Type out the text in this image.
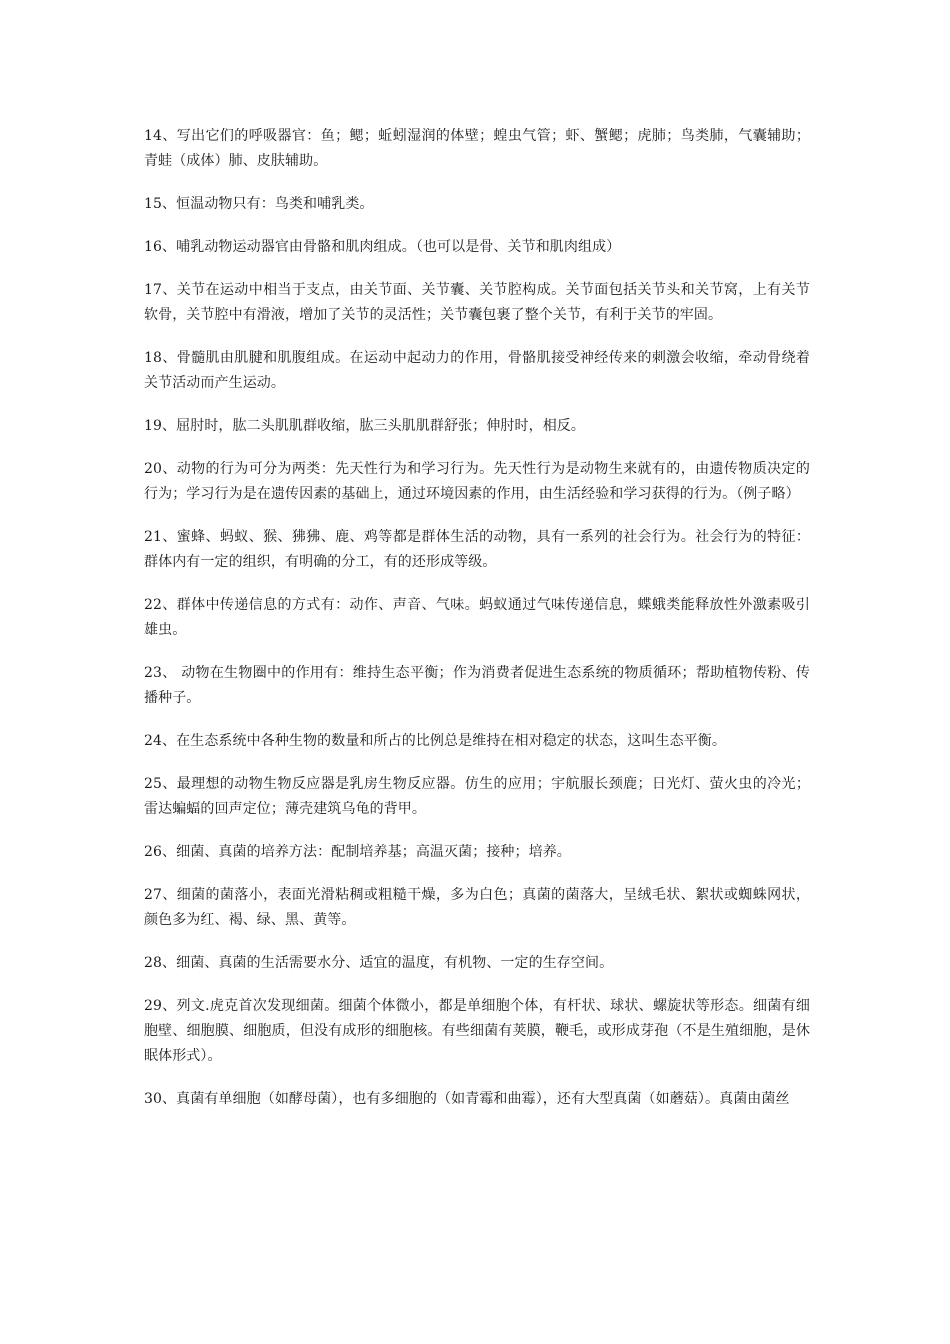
14、写出它们的呼吸器官：鱼；鳃；蚯蚓湿润的体壁；蝗虫气管；虾、蟹鳃；虎肺；鸟类肺，气囊辅助；青蛙（成体）肺、皮肤辅助。

15、恒温动物只有：鸟类和哺乳类。

16、哺乳动物运动器官由骨骼和肌肉组成。（也可以是骨、关节和肌肉组成）

17、关节在运动中相当于支点，由关节面、关节囊、关节腔构成。关节面包括关节头和关节窝，上有关节软骨，关节腔中有滑液，增加了关节的灵活性；关节囊包裹了整个关节，有利于关节的牢固。

18、骨髓肌由肌腱和肌腹组成。在运动中起动力的作用，骨骼肌接受神经传来的刺激会收缩，牵动骨绕着关节活动而产生运动。

19、屈肘时，肱二头肌肌群收缩，肱三头肌肌群舒张；伸肘时，相反。

20、动物的行为可分为两类：先天性行为和学习行为。先天性行为是动物生来就有的，由遗传物质决定的行为；学习行为是在遗传因素的基础上，通过环境因素的作用，由生活经验和学习获得的行为。（例子略）

21、蜜蜂、蚂蚁、猴、狒狒、鹿、鸡等都是群体生活的动物，具有一系列的社会行为。社会行为的特征：群体内有一定的组织，有明确的分工，有的还形成等级。

22、群体中传递信息的方式有：动作、声音、气味。蚂蚁通过气味传递信息，蝶蛾类能释放性外激素吸引雄虫。

23、 动物在生物圈中的作用有：维持生态平衡；作为消费者促进生态系统的物质循环；帮助植物传粉、传播种子。

24、在生态系统中各种生物的数量和所占的比例总是维持在相对稳定的状态，这叫生态平衡。

25、最理想的动物生物反应器是乳房生物反应器。仿生的应用；宇航服长颈鹿；日光灯、萤火虫的冷光；雷达蝙蝠的回声定位；薄壳建筑乌龟的背甲。

26、细菌、真菌的培养方法：配制培养基；高温灭菌；接种；培养。

27、细菌的菌落小，表面光滑粘稠或粗糙干燥，多为白色；真菌的菌落大，呈绒毛状、絮状或蜘蛛网状，颜色多为红、褐、绿、黑、黄等。

28、细菌、真菌的生活需要水分、适宜的温度，有机物、一定的生存空间。

29、列文.虎克首次发现细菌。细菌个体微小，都是单细胞个体，有杆状、球状、螺旋状等形态。细菌有细胞壁、细胞膜、细胞质，但没有成形的细胞核。有些细菌有荚膜，鞭毛，或形成芽孢（不是生殖细胞，是休眠体形式）。

30、真菌有单细胞（如酵母菌），也有多细胞的（如青霉和曲霉），还有大型真菌（如蘑菇）。真菌由菌丝
